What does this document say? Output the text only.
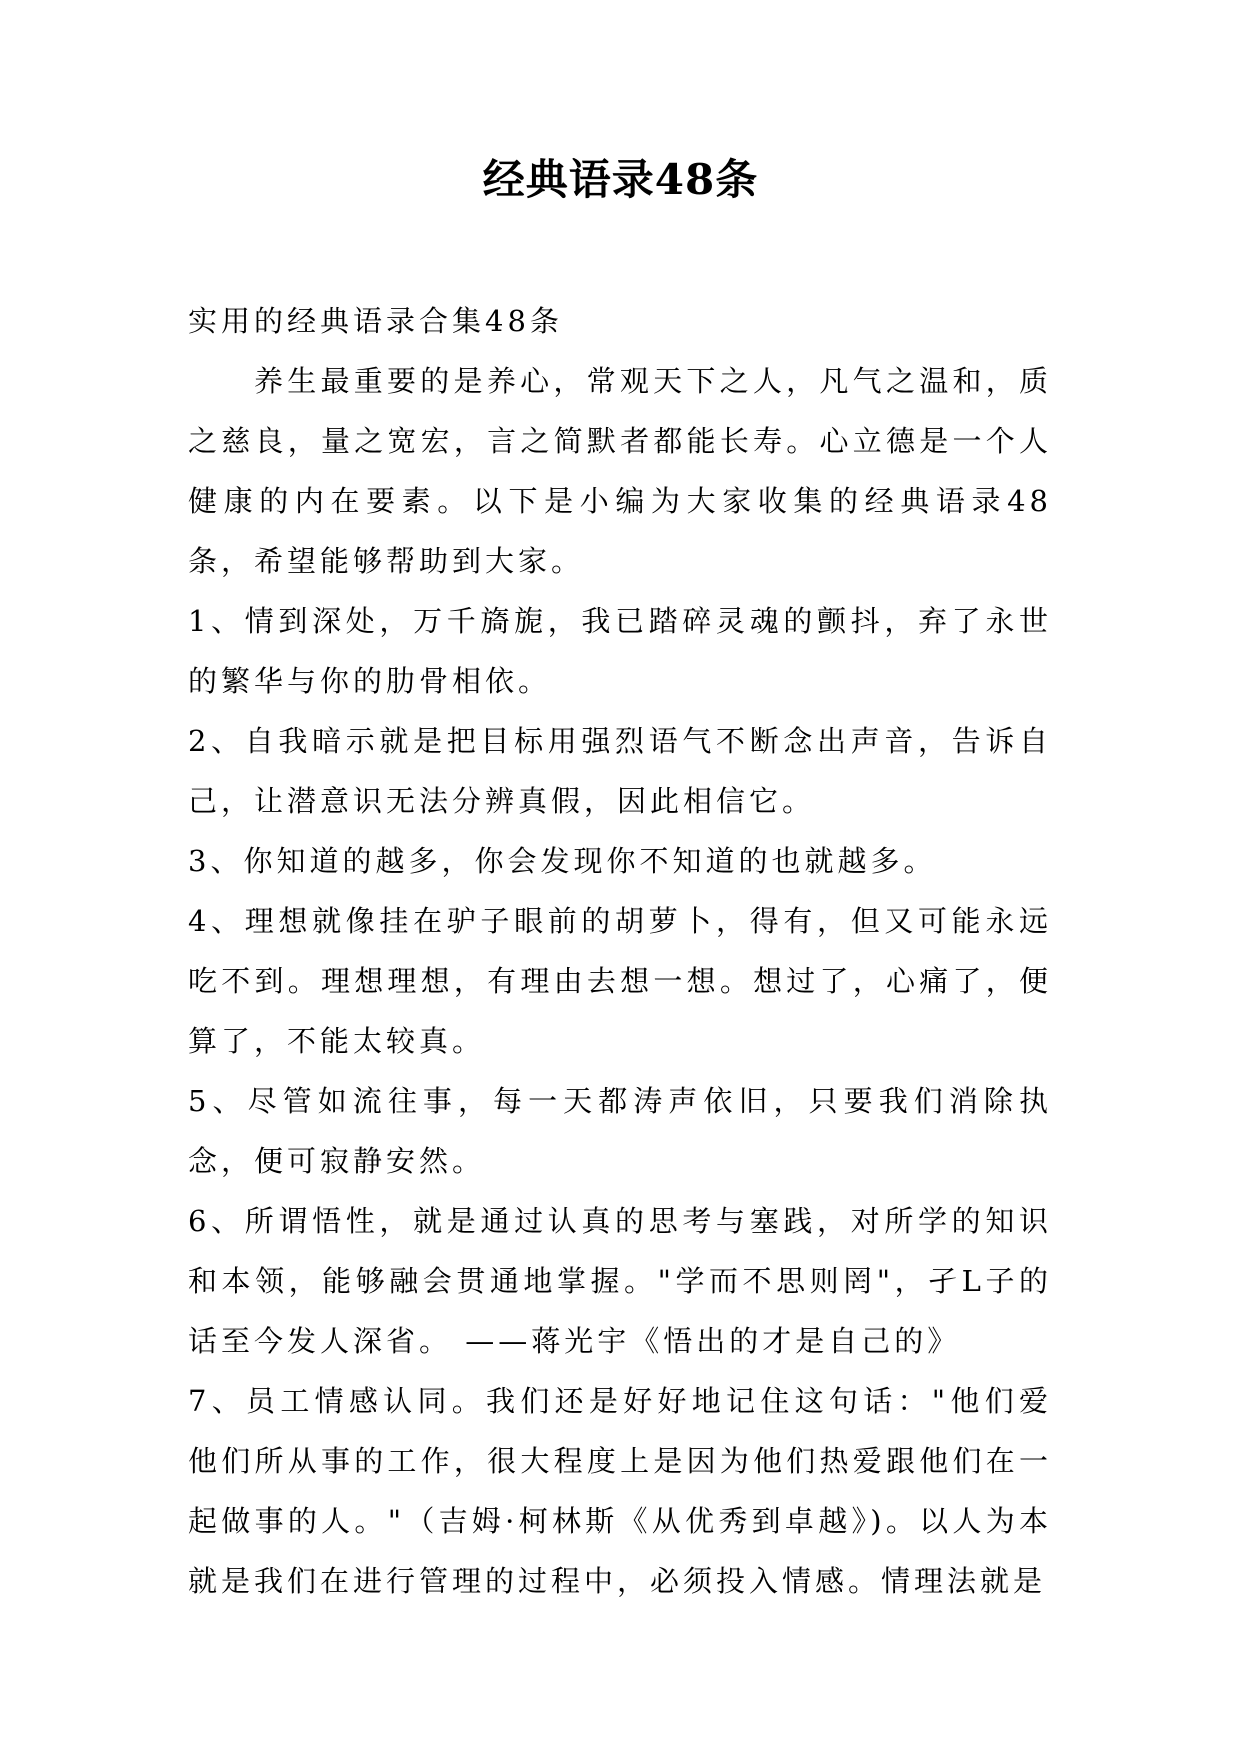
经典语录48条

实用的经典语录合集48条

养生最重要的是养心，常观天下之人，凡气之温和，质之慈良，量之宽宏，言之简默者都能长寿。心立德是一个人健康的内在要素。以下是小编为大家收集的经典语录48条，希望能够帮助到大家。

1、情到深处，万千旖旎，我已踏碎灵魂的颤抖，弃了永世的繁华与你的肋骨相依。

2、自我暗示就是把目标用强烈语气不断念出声音，告诉自己，让潜意识无法分辨真假，因此相信它。

3、你知道的越多，你会发现你不知道的也就越多。

4、理想就像挂在驴子眼前的胡萝卜，得有，但又可能永远吃不到。理想理想，有理由去想一想。想过了，心痛了，便算了，不能太较真。

5、尽管如流往事，每一天都涛声依旧，只要我们消除执念，便可寂静安然。

6、所谓悟性，就是通过认真的思考与塞践，对所学的知识和本领，能够融会贯通地掌握。"学而不思则罔"，孑L子的话至今发人深省。 ——蒋光宇《悟出的才是自己的》

7、员工情感认同。我们还是好好地记住这句话："他们爱他们所从事的工作，很大程度上是因为他们热爱跟他们在一起做事的人。"（吉姆·柯林斯《从优秀到卓越》)。以人为本就是我们在进行管理的过程中，必须投入情感。情理法就是
